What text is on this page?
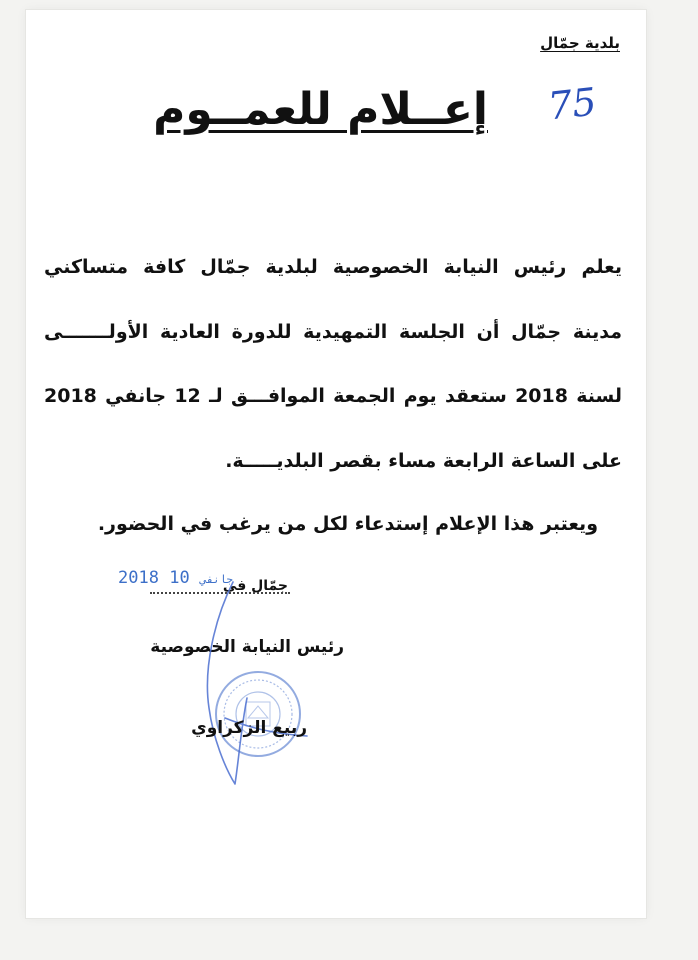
بلدية جمّال
إعــلام للعمــوم 75
يعلم رئيس النيابة الخصوصية لبلدية جمّال كافة متساكني
مدينة جمّال أن الجلسة التمهيدية للدورة العادية الأولـــــــى
لسنة 2018 ستعقد يوم الجمعة الموافـــق لـ 12 جانفي 2018
على الساعة الرابعة مساء بقصر البلديـــــة.
ويعتبر هذا الإعلام إستدعاء لكل من يرغب في الحضور.
جمّال في
2018	جانفي 10
رئيس النيابة الخصوصية
ربيع الزكراوي
